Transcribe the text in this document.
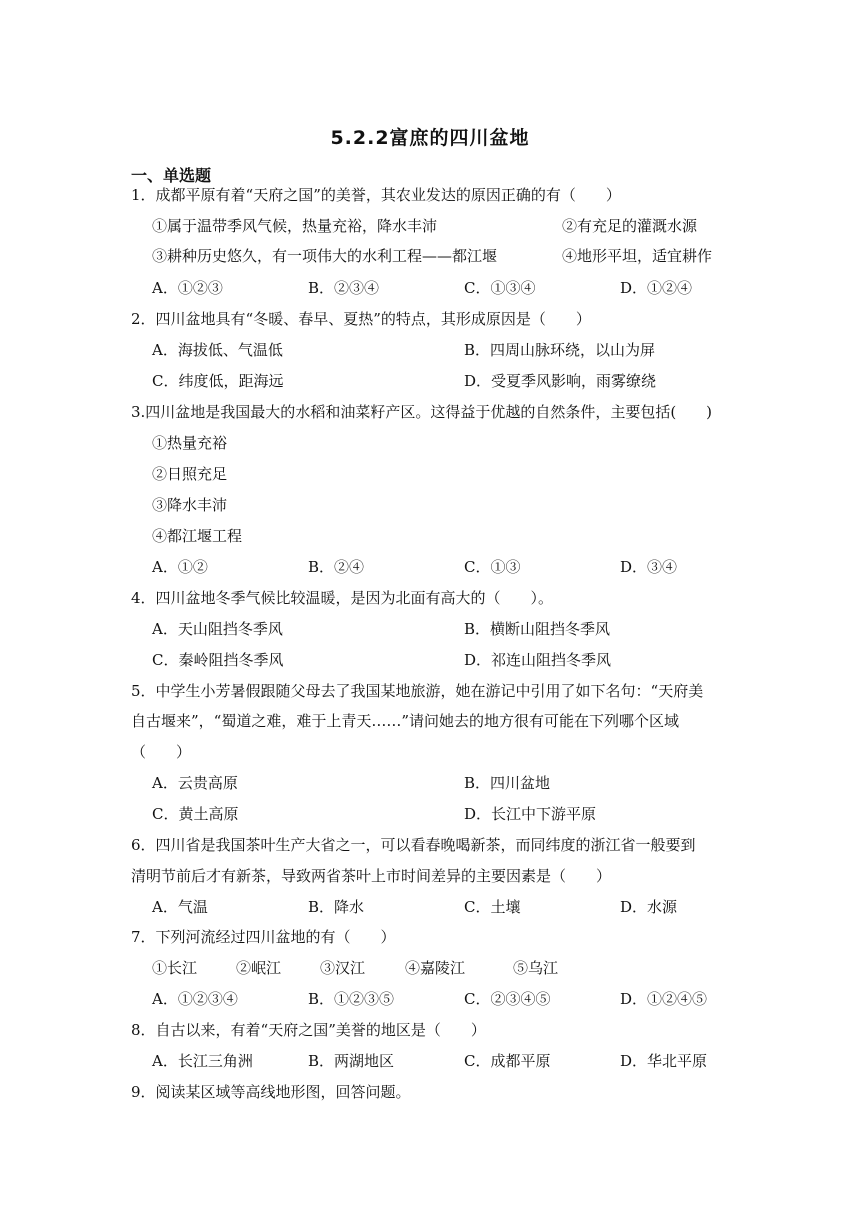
5.2.2富庶的四川盆地
一、单选题
1．成都平原有着“天府之国”的美誉，其农业发达的原因正确的有（　　）
①属于温带季风气候，热量充裕，降水丰沛	②有充足的灌溉水源
③耕种历史悠久，有一项伟大的水利工程——都江堰	④地形平坦，适宜耕作
A．①②③	B．②③④	C．①③④	D．①②④
2．四川盆地具有“冬暖、春早、夏热”的特点，其形成原因是（　　）
A．海拔低、气温低	B．四周山脉环绕，以山为屏
C．纬度低，距海远	D．受夏季风影响，雨雾缭绕
3.四川盆地是我国最大的水稻和油菜籽产区。这得益于优越的自然条件，主要包括(　　)
①热量充裕
②日照充足
③降水丰沛
④都江堰工程
A．①②	B．②④	C．①③	D．③④
4．四川盆地冬季气候比较温暖，是因为北面有高大的（　　）。
A．天山阻挡冬季风	B．横断山阻挡冬季风
C．秦岭阻挡冬季风	D．祁连山阻挡冬季风
5．中学生小芳暑假跟随父母去了我国某地旅游，她在游记中引用了如下名句：“天府美
自古堰来”，“蜀道之难，难于上青天……”请问她去的地方很有可能在下列哪个区域
（　　）
A．云贵高原	B．四川盆地
C．黄土高原	D．长江中下游平原
6．四川省是我国茶叶生产大省之一，可以看春晚喝新茶，而同纬度的浙江省一般要到
清明节前后才有新茶，导致两省茶叶上市时间差异的主要因素是（　　）
A．气温	B．降水	C．土壤	D．水源
7．下列河流经过四川盆地的有（　　）
①长江	②岷江	③汉江	④嘉陵江	⑤乌江
A．①②③④	B．①②③⑤	C．②③④⑤	D．①②④⑤
8．自古以来，有着“天府之国”美誉的地区是（　　）
A．长江三角洲	B．两湖地区	C．成都平原	D．华北平原
9．阅读某区域等高线地形图，回答问题。
